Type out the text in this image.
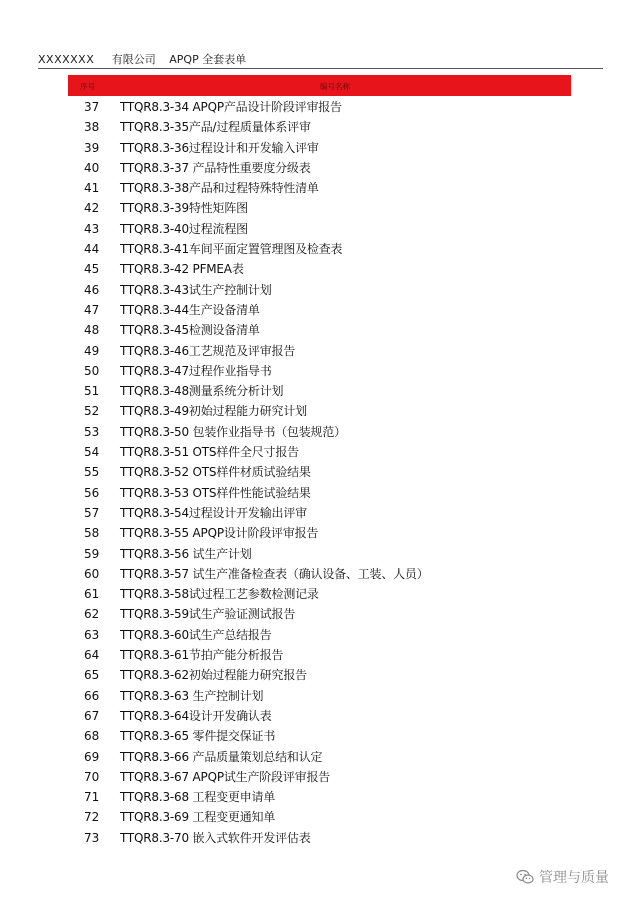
XXXXXXX 有限公司 APQP 全套表单
序号	编号名称
37	TTQR8.3-34 APQP产品设计阶段评审报告
38	TTQR8.3-35产品/过程质量体系评审
39	TTQR8.3-36过程设计和开发输入评审
40	TTQR8.3-37 产品特性重要度分级表
41	TTQR8.3-38产品和过程特殊特性清单
42	TTQR8.3-39特性矩阵图
43	TTQR8.3-40过程流程图
44	TTQR8.3-41车间平面定置管理图及检查表
45	TTQR8.3-42 PFMEA表
46	TTQR8.3-43试生产控制计划
47	TTQR8.3-44生产设备清单
48	TTQR8.3-45检测设备清单
49	TTQR8.3-46工艺规范及评审报告
50	TTQR8.3-47过程作业指导书
51	TTQR8.3-48测量系统分析计划
52	TTQR8.3-49初始过程能力研究计划
53	TTQR8.3-50 包装作业指导书（包装规范）
54	TTQR8.3-51 OTS样件全尺寸报告
55	TTQR8.3-52 OTS样件材质试验结果
56	TTQR8.3-53 OTS样件性能试验结果
57	TTQR8.3-54过程设计开发输出评审
58	TTQR8.3-55 APQP设计阶段评审报告
59	TTQR8.3-56 试生产计划
60	TTQR8.3-57 试生产准备检查表（确认设备、工装、人员）
61	TTQR8.3-58试过程工艺参数检测记录
62	TTQR8.3-59试生产验证测试报告
63	TTQR8.3-60试生产总结报告
64	TTQR8.3-61节拍产能分析报告
65	TTQR8.3-62初始过程能力研究报告
66	TTQR8.3-63 生产控制计划
67	TTQR8.3-64设计开发确认表
68	TTQR8.3-65 零件提交保证书
69	TTQR8.3-66 产品质量策划总结和认定
70	TTQR8.3-67 APQP试生产阶段评审报告
71	TTQR8.3-68 工程变更申请单
72	TTQR8.3-69 工程变更通知单
73	TTQR8.3-70 嵌入式软件开发评估表
管理与质量
